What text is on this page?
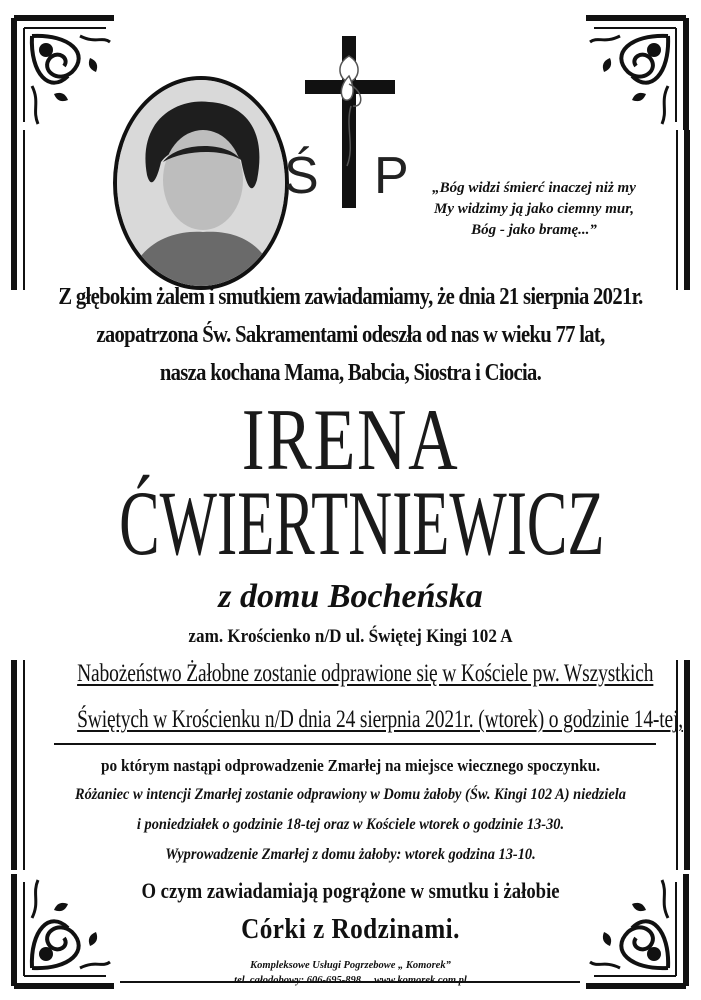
Ś P	„Bóg widzi śmierć inaczej niż my
My widzimy ją jako ciemny mur,
Bóg - jako bramę...”
Z głębokim żalem i smutkiem zawiadamiamy, że dnia 21 sierpnia 2021r.
zaopatrzona Św. Sakramentami odeszła od nas w wieku 77 lat,
nasza kochana Mama, Babcia, Siostra i Ciocia.
IRENA
ĆWIERTNIEWICZ
z domu Bocheńska
zam. Krościenko n/D ul. Świętej Kingi 102 A
Nabożeństwo Żałobne zostanie odprawione się w Kościele pw. Wszystkich
Świętych w Krościenku n/D dnia 24 sierpnia 2021r. (wtorek) o godzinie 14-tej,
po którym nastąpi odprowadzenie Zmarłej na miejsce wiecznego spoczynku.
Różaniec w intencji Zmarłej zostanie odprawiony w Domu żałoby (Św. Kingi 102 A) niedziela
i poniedziałek o godzinie 18-tej oraz w Kościele wtorek o godzinie 13-30.
Wyprowadzenie Zmarłej z domu żałoby: wtorek godzina 13-10.
O czym zawiadamiają pogrążone w smutku i żałobie
Córki z Rodzinami.
Kompleksowe Usługi Pogrzebowe „ Komorek”
tel. całodobowy: 606-695-898     www.komorek.com.pl
